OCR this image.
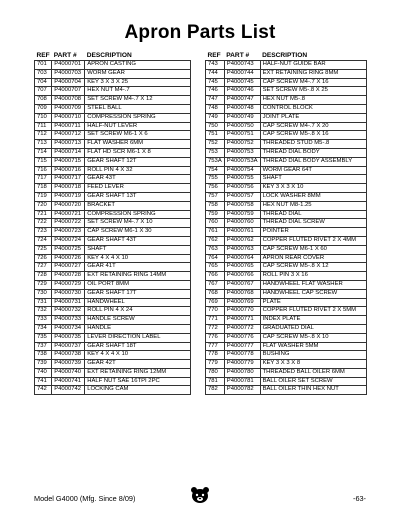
Apron Parts List
REF	PART #	DESCRIPTION
701	P4000701	APRON CASTING
703	P4000703	WORM GEAR
704	P4000704	KEY 3 X 3 X 25
707	P4000707	HEX NUT M4-.7
708	P4000708	SET SCREW M4-.7 X 12
709	P4000709	STEEL BALL
710	P4000710	COMPRESSION SPRING
711	P4000711	HALF-NUT LEVER
712	P4000712	SET SCREW M6-1 X 6
713	P4000713	FLAT WASHER 6MM
714	P4000714	FLAT HD SCR M6-1 X 8
715	P4000715	GEAR SHAFT 12T
716	P4000716	ROLL PIN 4 X 32
717	P4000717	GEAR 43T
718	P4000718	FEED LEVER
719	P4000719	GEAR SHAFT 13T
720	P4000720	BRACKET
721	P4000721	COMPRESSION SPRING
722	P4000722	SET SCREW M4-.7 X 10
723	P4000723	CAP SCREW M6-1 X 30
724	P4000724	GEAR SHAFT 43T
725	P4000725	SHAFT
726	P4000726	KEY 4 X 4 X 10
727	P4000727	GEAR 41T
728	P4000728	EXT RETAINING RING 14MM
729	P4000729	OIL PORT 8MM
730	P4000730	GEAR SHAFT 17T
731	P4000731	HANDWHEEL
732	P4000732	ROLL PIN 4 X 24
733	P4000733	HANDLE SCREW
734	P4000734	HANDLE
735	P4000735	LEVER DIRECTION LABEL
737	P4000737	GEAR SHAFT 18T
738	P4000738	KEY 4 X 4 X 10
739	P4000739	GEAR 42T
740	P4000740	EXT RETAINING RING 12MM
741	P4000741	HALF NUT SAE 16TPI 2PC
742	P4000742	LOCKING CAM
REF	PART #	DESCRIPTION
743	P4000743	HALF-NUT GUIDE BAR
744	P4000744	EXT RETAINING RING 8MM
745	P4000745	CAP SCREW M4-.7 X 16
746	P4000746	SET SCREW M5-.8 X 25
747	P4000747	HEX NUT M5-.8
748	P4000748	CONTROL BLOCK
749	P4000749	JOINT PLATE
750	P4000750	CAP SCREW M4-.7 X 20
751	P4000751	CAP SCREW M5-.8 X 16
752	P4000752	THREADED STUD M5-.8
753	P4000753	THREAD DIAL BODY
753A	P4000753A	THREAD DIAL BODY ASSEMBLY
754	P4000754	WORM GEAR 64T
755	P4000755	SHAFT
756	P4000756	KEY 3 X 3 X 10
757	P4000757	LOCK WASHER 8MM
758	P4000758	HEX NUT M8-1.25
759	P4000759	THREAD DIAL
760	P4000760	THREAD DIAL SCREW
761	P4000761	POINTER
762	P4000762	COPPER FLUTED RIVET 2 X 4MM
763	P4000763	CAP SCREW M6-1 X 60
764	P4000764	APRON REAR COVER
765	P4000765	CAP SCREW M5-.8 X 12
766	P4000766	ROLL PIN 3 X 16
767	P4000767	HANDWHEEL FLAT WASHER
768	P4000768	HANDWHEEL CAP SCREW
769	P4000769	PLATE
770	P4000770	COPPER FLUTED RIVET 2 X 5MM
771	P4000771	INDEX PLATE
772	P4000772	GRADUATED DIAL
776	P4000776	CAP SCREW M5-.8 X 10
777	P4000777	FLAT WASHER 5MM
778	P4000778	BUSHING
779	P4000779	KEY 3 X 3 X 8
780	P4000780	THREADED BALL OILER 6MM
781	P4000781	BALL OILER SET SCREW
782	P4000782	BALL OILER THIN HEX NUT
Model G4000 (Mfg. Since 8/09)	-63-
